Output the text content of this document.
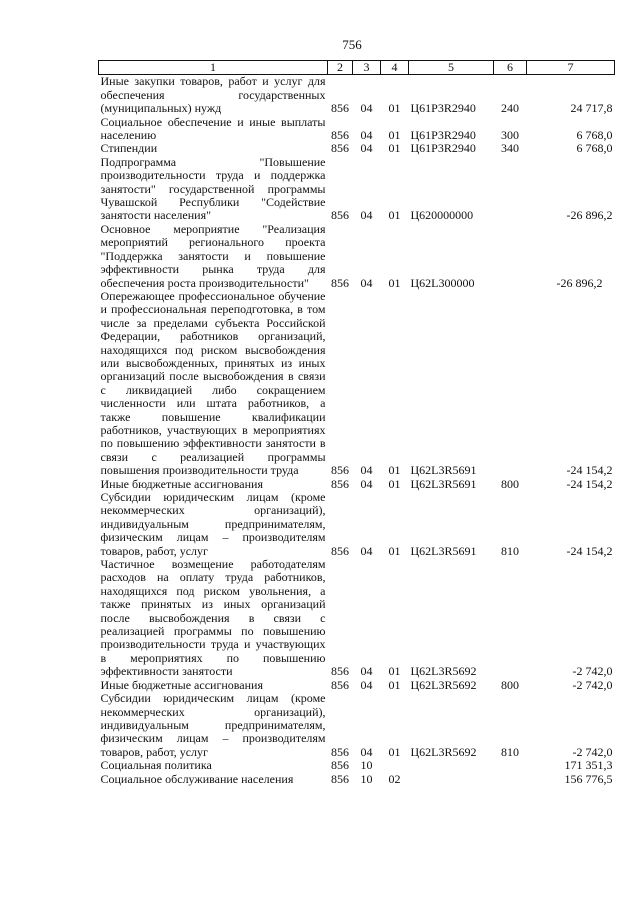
756
1	2	3	4	5	6	7
Иные закупки товаров, работ и услуг для обеспечения государственных (муниципальных) нужд	856	04	01	Ц61P3R2940	240	24 717,8
Социальное обеспечение и иные выплаты населению	856	04	01	Ц61P3R2940	300	6 768,0
Стипендии	856	04	01	Ц61P3R2940	340	6 768,0
Подпрограмма "Повышение производительности труда и поддержка занятости" государственной программы Чувашской Республики "Содействие занятости населения"	856	04	01	Ц620000000		-26 896,2
Основное мероприятие "Реализация мероприятий регионального проекта "Поддержка занятости и повышение эффективности рынка труда для обеспечения роста производительности"	856	04	01	Ц62L300000		-26 896,2
Опережающее профессиональное обучение и профессиональная переподготовка, в том числе за пределами субъекта Российской Федерации, работников организаций, находящихся под риском высвобождения или высвобожденных, принятых из иных организаций после высвобождения в связи с ликвидацией либо сокращением численности или штата работников, а также повышение квалификации работников, участвующих в мероприятиях по повышению эффективности занятости в связи с реализацией программы повышения производительности труда	856	04	01	Ц62L3R5691		-24 154,2
Иные бюджетные ассигнования	856	04	01	Ц62L3R5691	800	-24 154,2
Субсидии юридическим лицам (кроме некоммерческих организаций), индивидуальным предпринимателям, физическим лицам – производителям товаров, работ, услуг	856	04	01	Ц62L3R5691	810	-24 154,2
Частичное возмещение работодателям расходов на оплату труда работников, находящихся под риском увольнения, а также принятых из иных организаций после высвобождения в связи с реализацией программы по повышению производительности труда и участвующих в мероприятиях по повышению эффективности занятости	856	04	01	Ц62L3R5692		-2 742,0
Иные бюджетные ассигнования	856	04	01	Ц62L3R5692	800	-2 742,0
Субсидии юридическим лицам (кроме некоммерческих организаций), индивидуальным предпринимателям, физическим лицам – производителям товаров, работ, услуг	856	04	01	Ц62L3R5692	810	-2 742,0
Социальная политика	856	10				171 351,3
Социальное обслуживание населения	856	10	02			156 776,5
